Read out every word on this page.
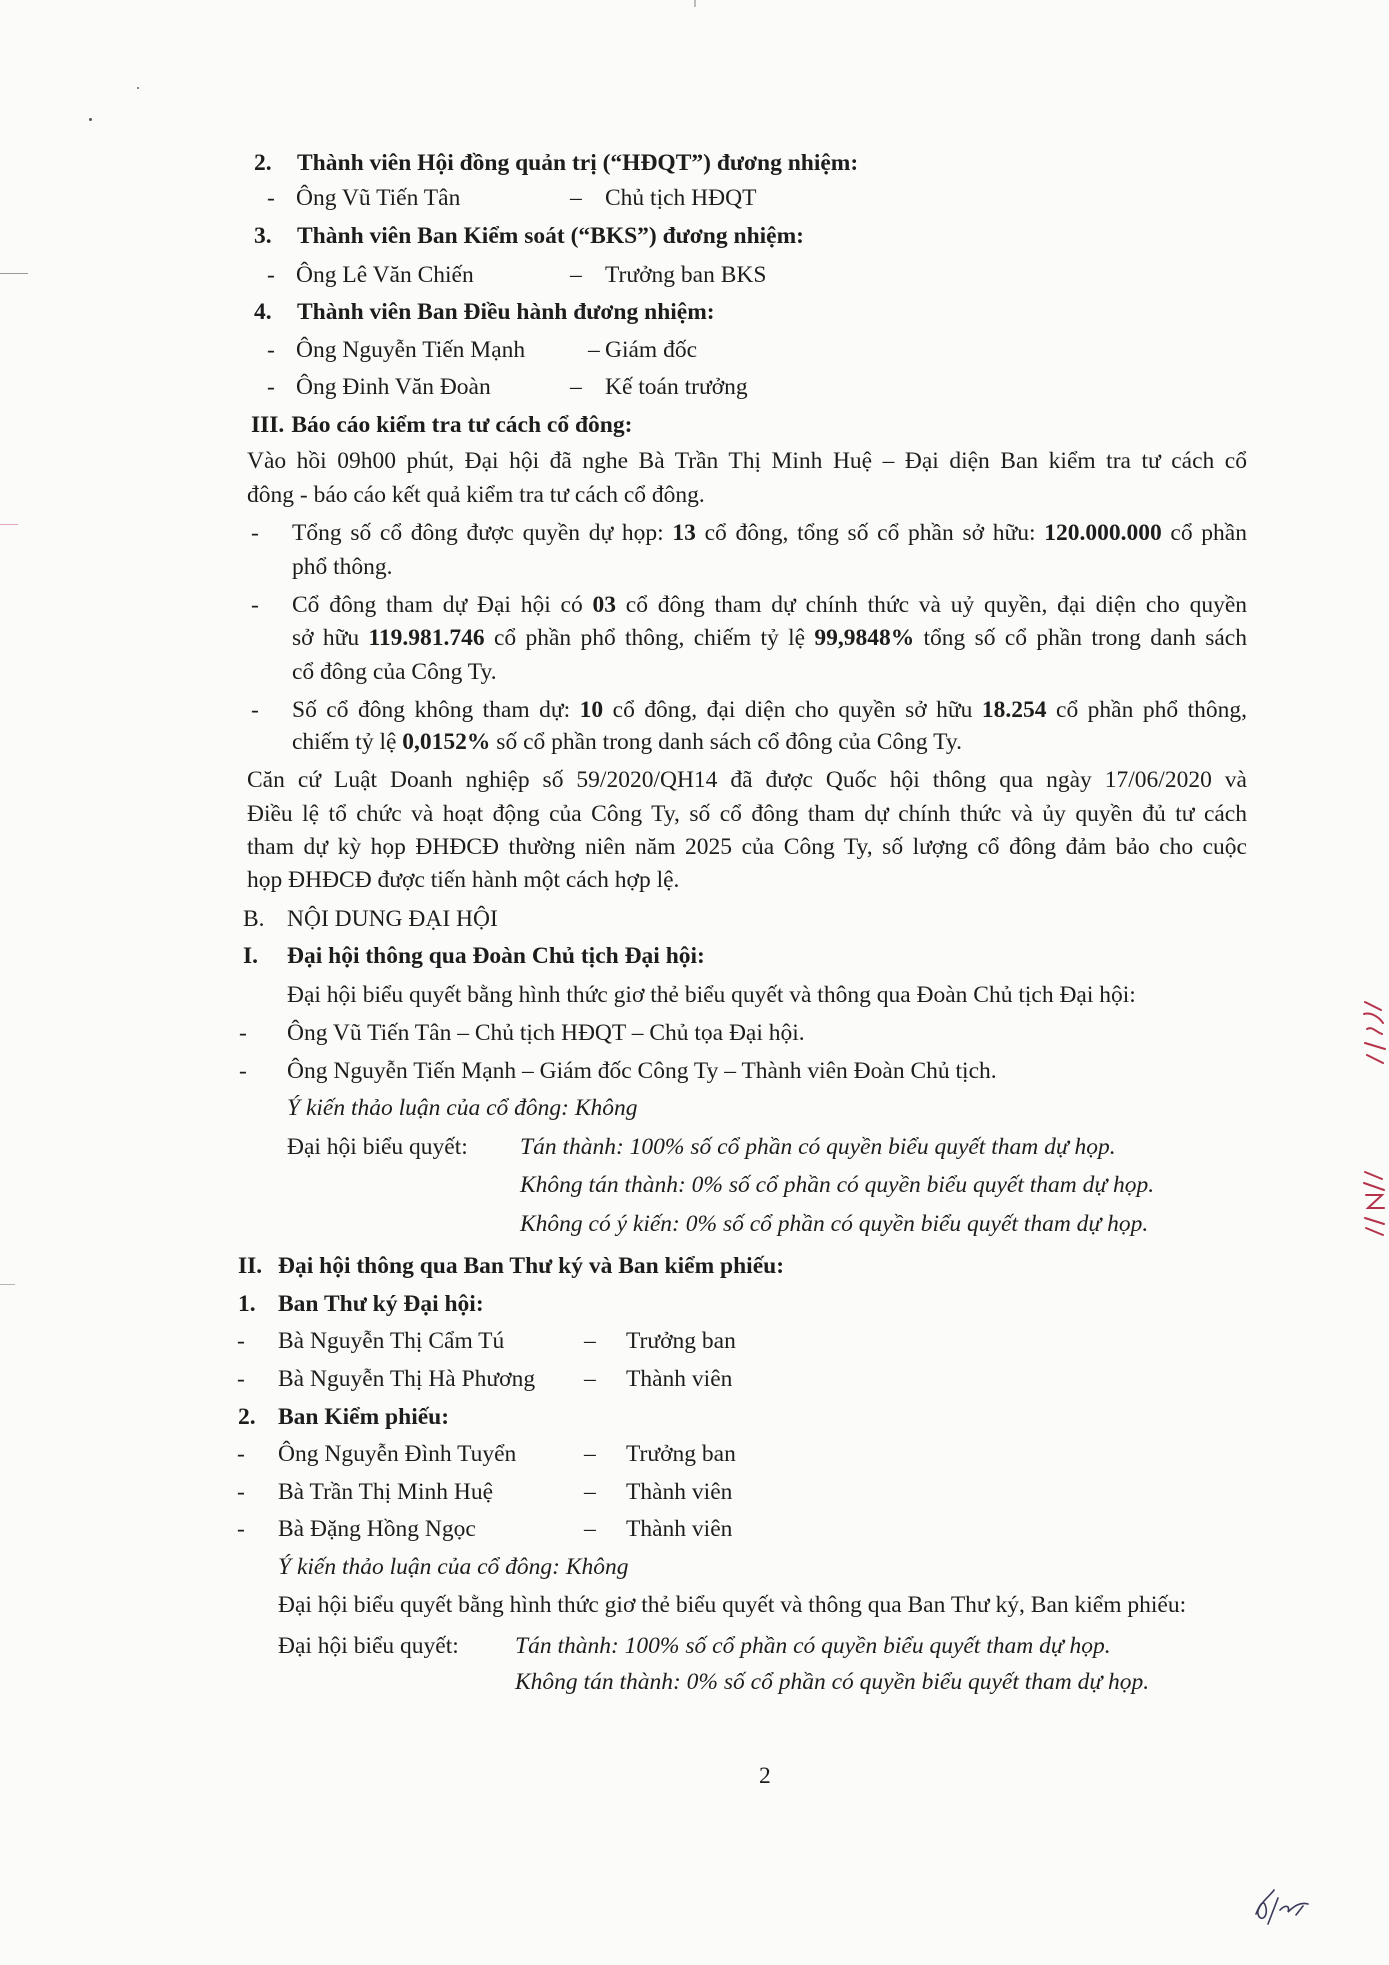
2. Thành viên Hội đồng quản trị (“HĐQT”) đương nhiệm:
- Ông Vũ Tiến Tân	– Chủ tịch HĐQT
3. Thành viên Ban Kiểm soát (“BKS”) đương nhiệm:
- Ông Lê Văn Chiến	– Trưởng ban BKS
4. Thành viên Ban Điều hành đương nhiệm:
- Ông Nguyễn Tiến Mạnh	– Giám đốc
- Ông Đinh Văn Đoàn	– Kế toán trưởng
III. Báo cáo kiểm tra tư cách cổ đông:
Vào hồi 09h00 phút, Đại hội đã nghe Bà Trần Thị Minh Huệ – Đại diện Ban kiểm tra tư cách cổ
đông - báo cáo kết quả kiểm tra tư cách cổ đông.
- Tổng số cổ đông được quyền dự họp: 13 cổ đông, tổng số cổ phần sở hữu: 120.000.000 cổ phần
phổ thông.
- Cổ đông tham dự Đại hội có 03 cổ đông tham dự chính thức và uỷ quyền, đại diện cho quyền
sở hữu 119.981.746 cổ phần phổ thông, chiếm tỷ lệ 99,9848% tổng số cổ phần trong danh sách
cổ đông của Công Ty.
- Số cổ đông không tham dự: 10 cổ đông, đại diện cho quyền sở hữu 18.254 cổ phần phổ thông,
chiếm tỷ lệ 0,0152% số cổ phần trong danh sách cổ đông của Công Ty.
Căn cứ Luật Doanh nghiệp số 59/2020/QH14 đã được Quốc hội thông qua ngày 17/06/2020 và
Điều lệ tổ chức và hoạt động của Công Ty, số cổ đông tham dự chính thức và ủy quyền đủ tư cách
tham dự kỳ họp ĐHĐCĐ thường niên năm 2025 của Công Ty, số lượng cổ đông đảm bảo cho cuộc
họp ĐHĐCĐ được tiến hành một cách hợp lệ.
B. NỘI DUNG ĐẠI HỘI
I. Đại hội thông qua Đoàn Chủ tịch Đại hội:
Đại hội biểu quyết bằng hình thức giơ thẻ biểu quyết và thông qua Đoàn Chủ tịch Đại hội:
- Ông Vũ Tiến Tân – Chủ tịch HĐQT – Chủ tọa Đại hội.
- Ông Nguyễn Tiến Mạnh – Giám đốc Công Ty – Thành viên Đoàn Chủ tịch.
Ý kiến thảo luận của cổ đông: Không
Đại hội biểu quyết: Tán thành: 100% số cổ phần có quyền biểu quyết tham dự họp.
Không tán thành: 0% số cổ phần có quyền biểu quyết tham dự họp.
Không có ý kiến: 0% số cổ phần có quyền biểu quyết tham dự họp.
II. Đại hội thông qua Ban Thư ký và Ban kiểm phiếu:
1. Ban Thư ký Đại hội:
- Bà Nguyễn Thị Cẩm Tú	– Trưởng ban
- Bà Nguyễn Thị Hà Phương – Thành viên
2. Ban Kiểm phiếu:
- Ông Nguyễn Đình Tuyển	– Trưởng ban
- Bà Trần Thị Minh Huệ	– Thành viên
- Bà Đặng Hồng Ngọc	– Thành viên
Ý kiến thảo luận của cổ đông: Không
Đại hội biểu quyết bằng hình thức giơ thẻ biểu quyết và thông qua Ban Thư ký, Ban kiểm phiếu:
Đại hội biểu quyết: Tán thành: 100% số cổ phần có quyền biểu quyết tham dự họp.
Không tán thành: 0% số cổ phần có quyền biểu quyết tham dự họp.
2
